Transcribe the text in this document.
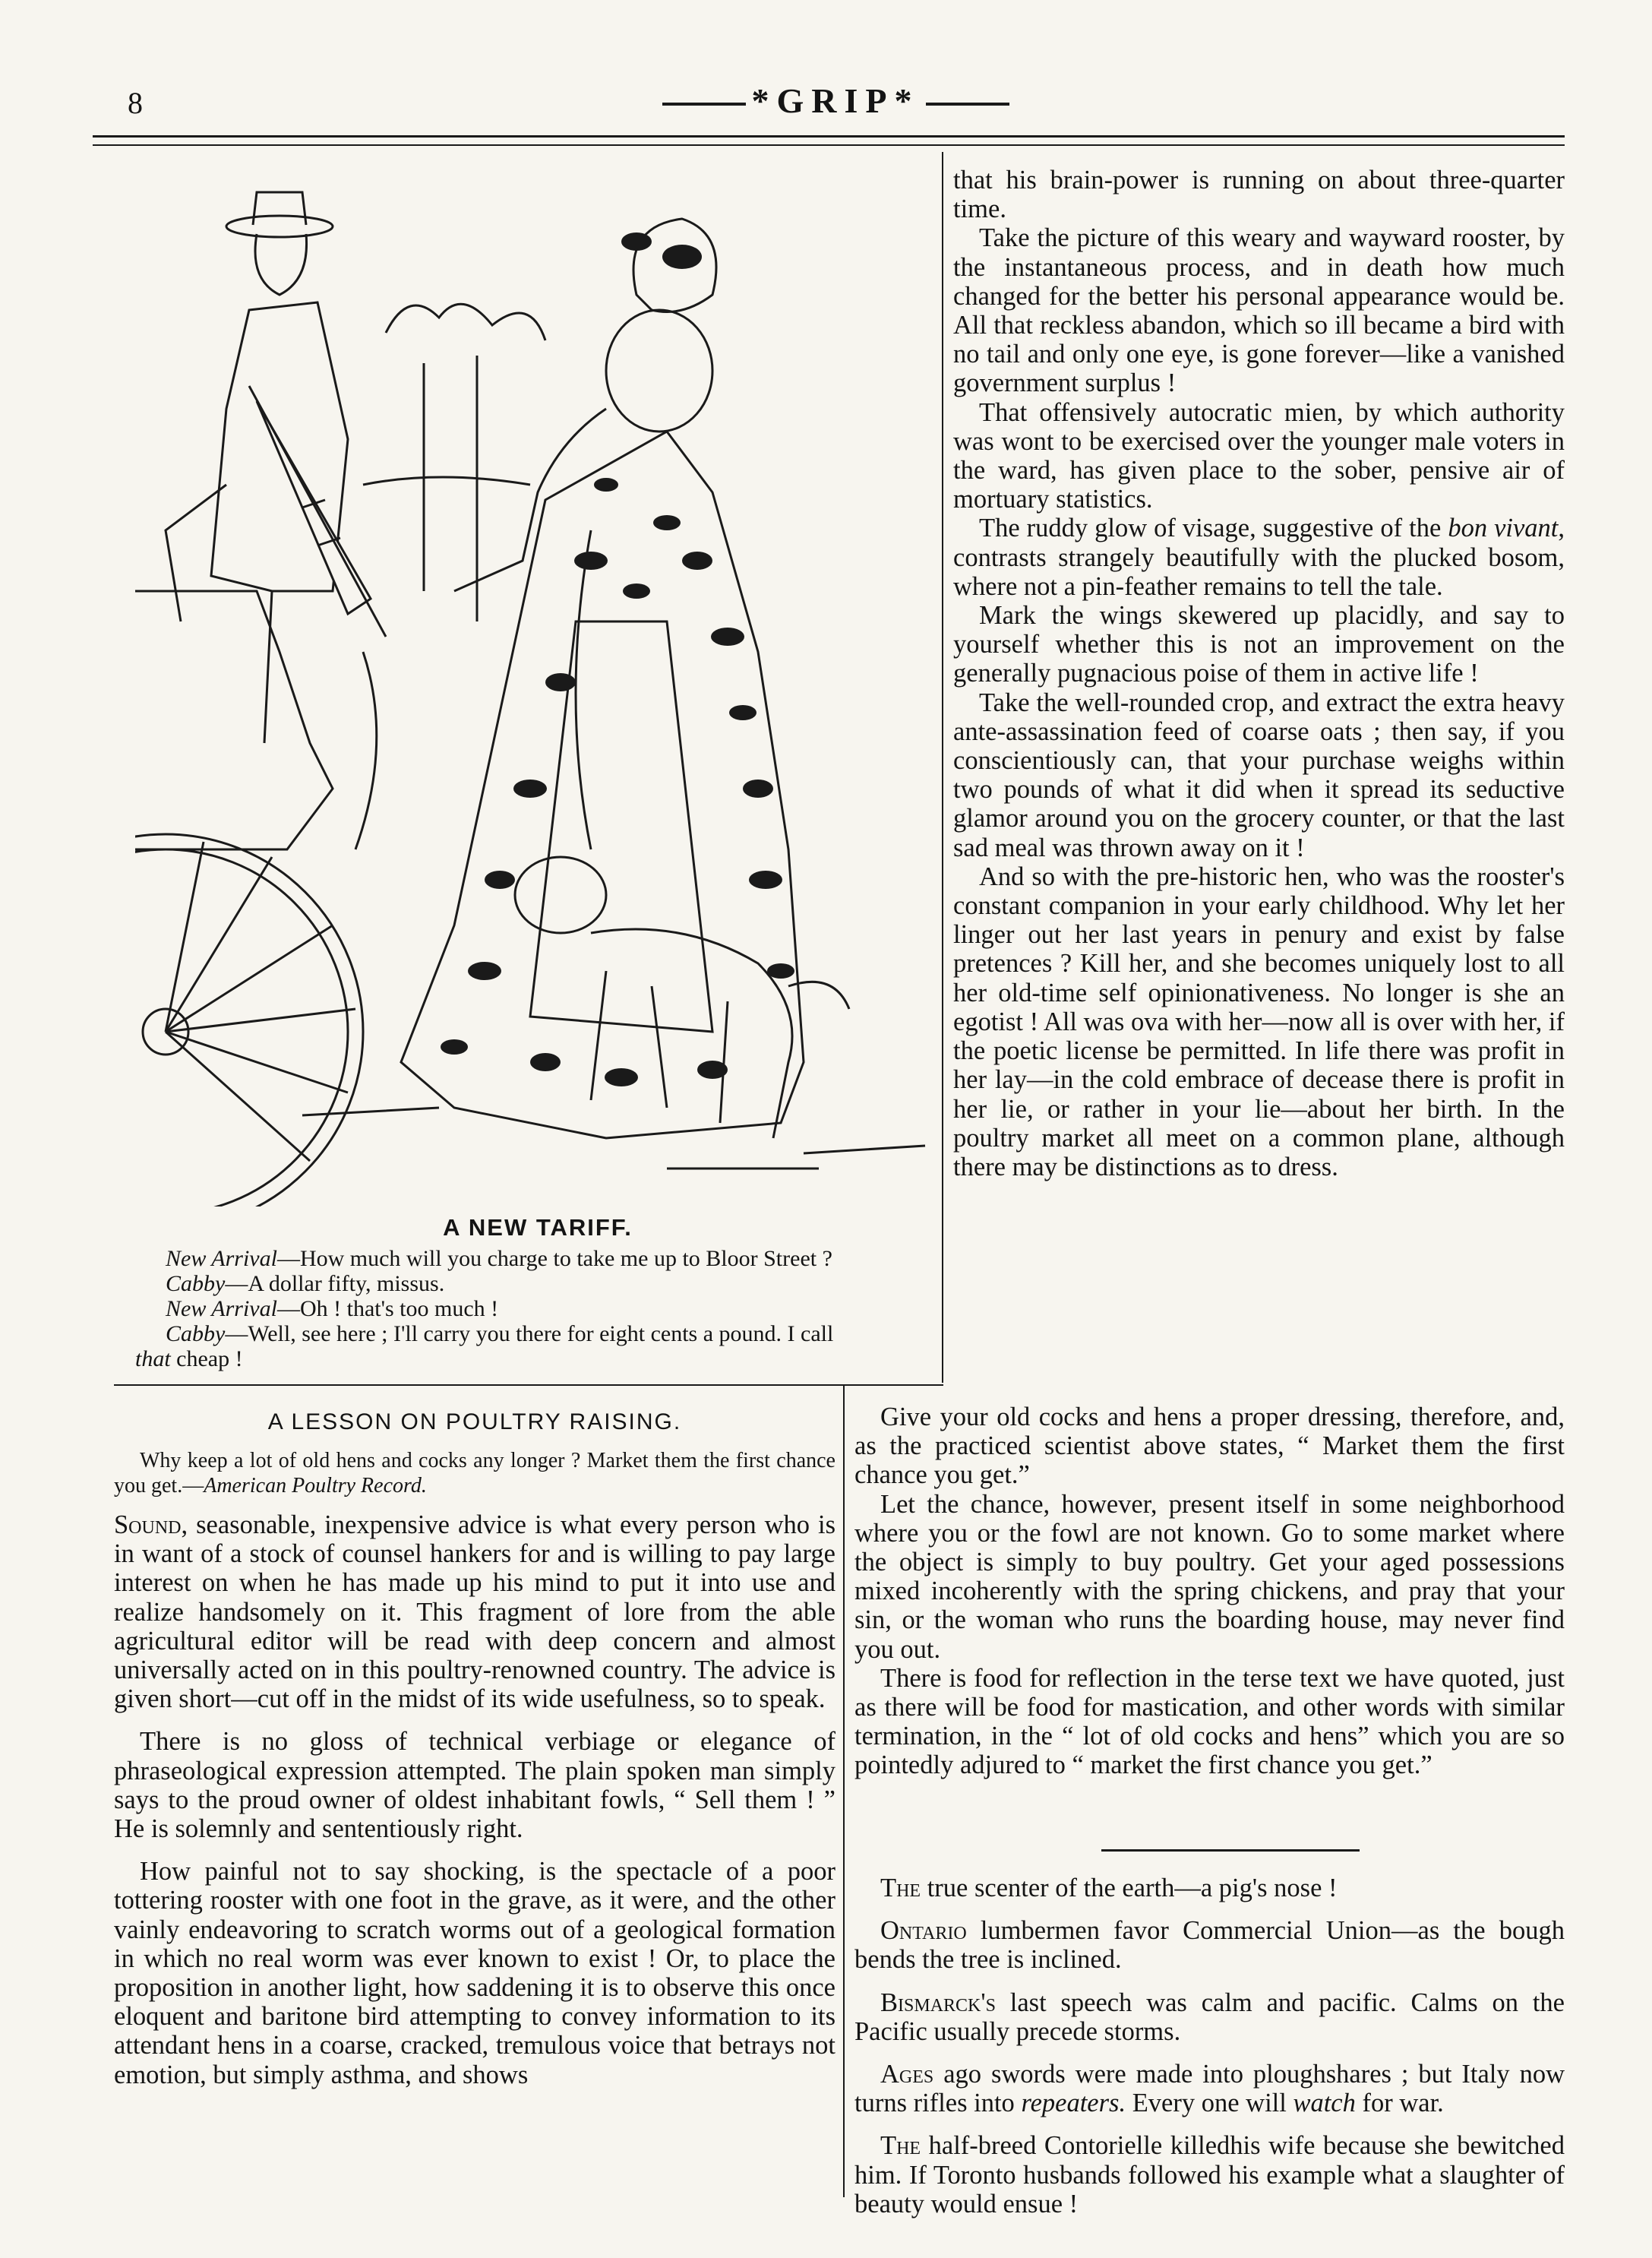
8	*GRIP*
A NEW TARIFF.

New Arrival—How much will you charge to take me up to Bloor Street ?

Cabby—A dollar fifty, missus.

New Arrival—Oh ! that's too much !

Cabby—Well, see here ; I'll carry you there for eight cents a pound. I call

that cheap !

A LESSON ON POULTRY RAISING.

Why keep a lot of old hens and cocks any longer ? Market them the first chance you get.—American Poultry Record.

Sound, seasonable, inexpensive advice is what every person who is in want of a stock of counsel hankers for and is willing to pay large interest on when he has made up his mind to put it into use and realize handsomely on it. This fragment of lore from the able agricultural editor will be read with deep concern and almost universally acted on in this poultry-renowned country. The advice is given short—cut off in the midst of its wide usefulness, so to speak.

There is no gloss of technical verbiage or elegance of phraseological expression attempted. The plain spoken man simply says to the proud owner of oldest inhabitant fowls, “ Sell them ! ” He is solemnly and sententiously right.

How painful not to say shocking, is the spectacle of a poor tottering rooster with one foot in the grave, as it were, and the other vainly endeavoring to scratch worms out of a geological formation in which no real worm was ever known to exist ! Or, to place the proposition in another light, how saddening it is to observe this once eloquent and baritone bird attempting to convey information to its attendant hens in a coarse, cracked, tremulous voice that betrays not emotion, but simply asthma, and shows

that his brain-power is running on about three-quarter time.

Take the picture of this weary and wayward rooster, by the instantaneous process, and in death how much changed for the better his personal appearance would be. All that reckless abandon, which so ill became a bird with no tail and only one eye, is gone forever—like a vanished government surplus !

That offensively autocratic mien, by which authority was wont to be exercised over the younger male voters in the ward, has given place to the sober, pensive air of mortuary statistics.

The ruddy glow of visage, suggestive of the bon vivant, contrasts strangely beautifully with the plucked bosom, where not a pin-feather remains to tell the tale.

Mark the wings skewered up placidly, and say to yourself whether this is not an improvement on the generally pugnacious poise of them in active life !

Take the well-rounded crop, and extract the extra heavy ante-assassination feed of coarse oats ; then say, if you conscientiously can, that your purchase weighs within two pounds of what it did when it spread its seductive glamor around you on the grocery counter, or that the last sad meal was thrown away on it !

And so with the pre-historic hen, who was the rooster's constant companion in your early childhood. Why let her linger out her last years in penury and exist by false pretences ? Kill her, and she becomes uniquely lost to all her old-time self opinionativeness. No longer is she an egotist ! All was ova with her—now all is over with her, if the poetic license be permitted. In life there was profit in her lay—in the cold embrace of decease there is profit in her lie, or rather in your lie—about her birth. In the poultry market all meet on a common plane, although there may be distinctions as to dress.

Give your old cocks and hens a proper dressing, therefore, and, as the practiced scientist above states, “ Market them the first chance you get.”

Let the chance, however, present itself in some neighborhood where you or the fowl are not known. Go to some market where the object is simply to buy poultry. Get your aged possessions mixed incoherently with the spring chickens, and pray that your sin, or the woman who runs the boarding house, may never find you out.

There is food for reflection in the terse text we have quoted, just as there will be food for mastication, and other words with similar termination, in the “ lot of old cocks and hens” which you are so pointedly adjured to “ market the first chance you get.”

The true scenter of the earth—a pig's nose !

Ontario lumbermen favor Commercial Union—as the bough bends the tree is inclined.

Bismarck's last speech was calm and pacific. Calms on the Pacific usually precede storms.

Ages ago swords were made into ploughshares ; but Italy now turns rifles into repeaters. Every one will watch for war.

The half-breed Contorielle killedhis wife because she bewitched him. If Toronto husbands followed his example what a slaughter of beauty would ensue !
